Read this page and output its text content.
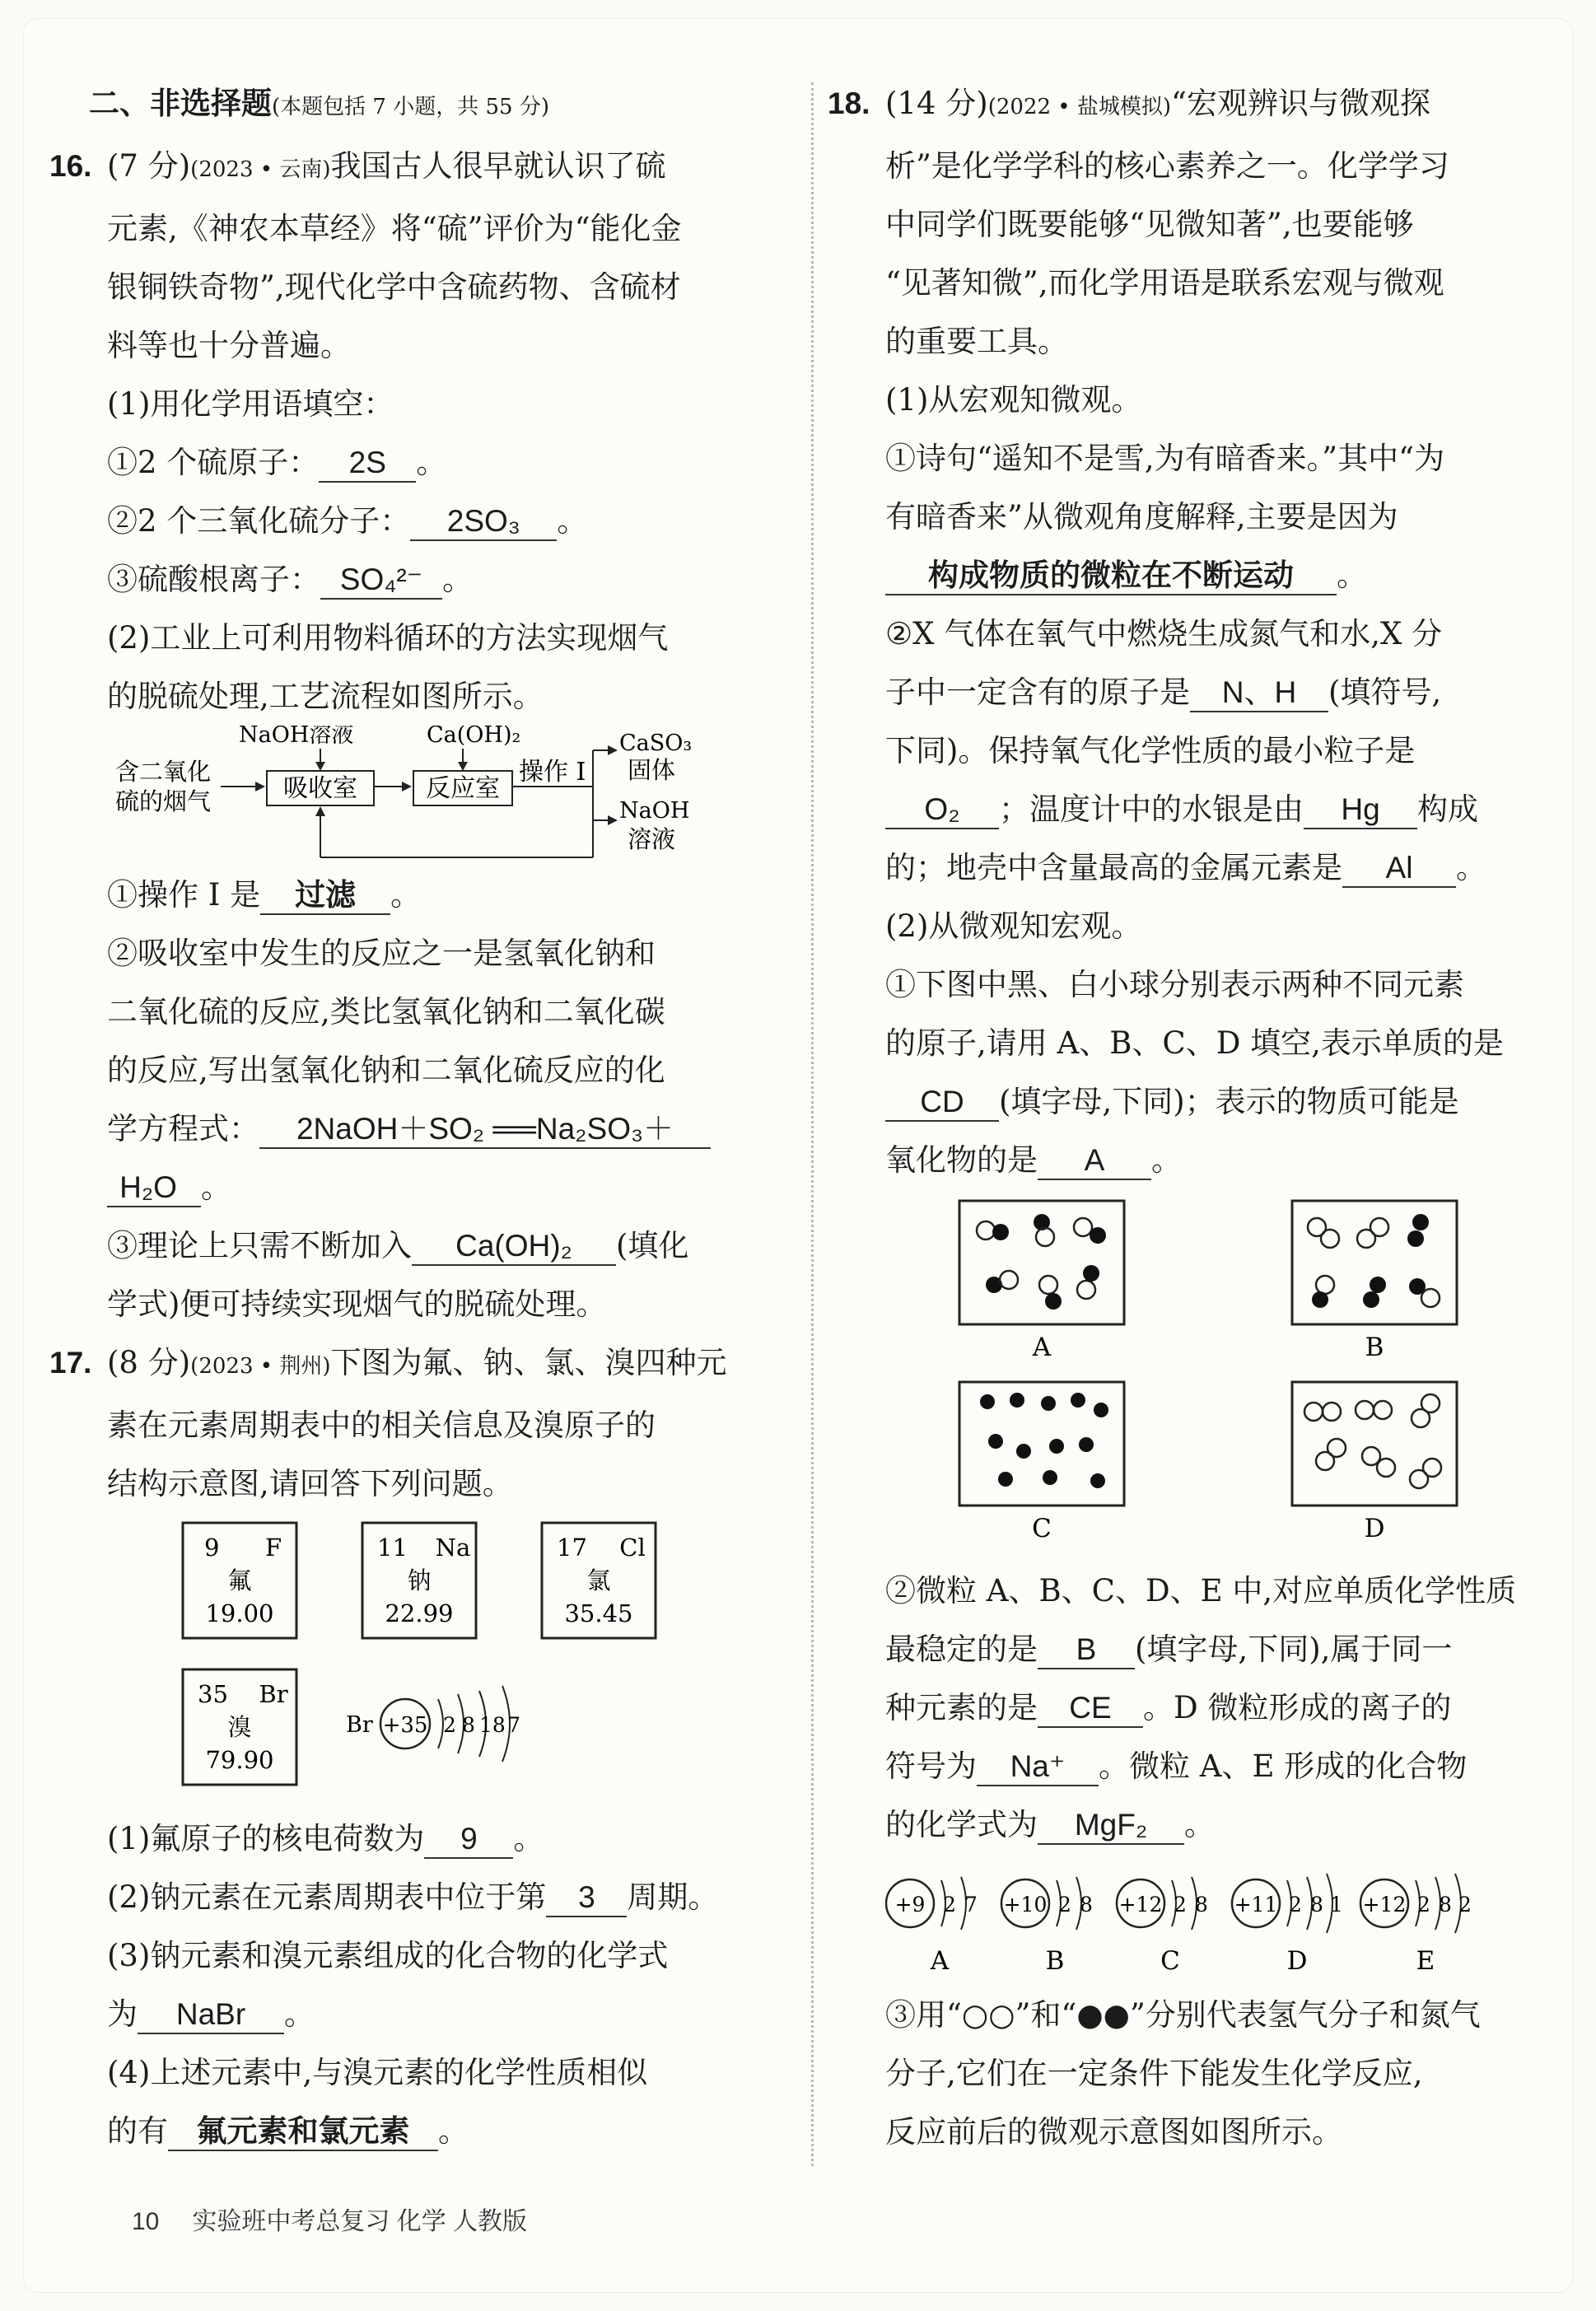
二、非选择题(本题包括 7 小题，共 55 分)
16. (7 分)(2023 • 云南)我国古人很早就认识了硫
元素,《神农本草经》将“硫”评价为“能化金
银铜铁奇物”,现代化学中含硫药物、含硫材
料等也十分普遍。
(1)用化学用语填空：
①2 个硫原子： 2S 。
②2 个三氧化硫分子： 2SO₃ 。
③硫酸根离子： SO₄²⁻ 。
(2)工业上可利用物料循环的方法实现烟气
的脱硫处理,工艺流程如图所示。
含二氧化
硫的烟气	吸收室
NaOH溶液
反应室
Ca(OH)₂
操作 I
CaSO₃
固体
NaOH
溶液
①操作 I 是 过滤 。
②吸收室中发生的反应之一是氢氧化钠和
二氧化硫的反应,类比氢氧化钠和二氧化碳
的反应,写出氢氧化钠和二氧化硫反应的化
学方程式： 2NaOH＋SO₂ ══Na₂SO₃＋
H₂O 。
③理论上只需不断加入 Ca(OH)₂ (填化
学式)便可持续实现烟气的脱硫处理。
17. (8 分)(2023 • 荆州)下图为氟、钠、氯、溴四种元
素在元素周期表中的相关信息及溴原子的
结构示意图,请回答下列问题。
9 F
氟
19.00
11 Na
钠
22.99
17 Cl
氯
35.45
35 Br
溴
79.90
Br +35 2 8 18 7
(1)氟原子的核电荷数为 9 。
(2)钠元素在元素周期表中位于第 3 周期。
(3)钠元素和溴元素组成的化合物的化学式
为 NaBr 。
(4)上述元素中,与溴元素的化学性质相似
的有 氟元素和氯元素 。
18. (14 分)(2022 • 盐城模拟)“宏观辨识与微观探
析”是化学学科的核心素养之一。化学学习
中同学们既要能够“见微知著”,也要能够
“见著知微”,而化学用语是联系宏观与微观
的重要工具。
(1)从宏观知微观。
①诗句“遥知不是雪,为有暗香来。”其中“为
有暗香来”从微观角度解释,主要是因为
构成物质的微粒在不断运动 。
②X 气体在氧气中燃烧生成氮气和水,X 分
子中一定含有的原子是 N、H (填符号,
下同)。保持氧气化学性质的最小粒子是
O₂ ；温度计中的水银是由 Hg 构成
的；地壳中含量最高的金属元素是 Al 。
(2)从微观知宏观。
①下图中黑、白小球分别表示两种不同元素
的原子,请用 A、B、C、D 填空,表示单质的是
CD (填字母,下同)；表示的物质可能是
氧化物的是 A 。
A	B
C	D
②微粒 A、B、C、D、E 中,对应单质化学性质
最稳定的是 B (填字母,下同),属于同一
种元素的是 CE 。D 微粒形成的离子的
符号为 Na⁺ 。微粒 A、E 形成的化合物
的化学式为 MgF₂ 。
+9 2 7
A
+10 2 8
B
+12 2 8
C
+11 2 8 1
D
+12 2 8 2
E
③用“○○”和“●●”分别代表氢气分子和氮气
分子,它们在一定条件下能发生化学反应,
反应前后的微观示意图如图所示。
10 实验班中考总复习 化学 人教版
